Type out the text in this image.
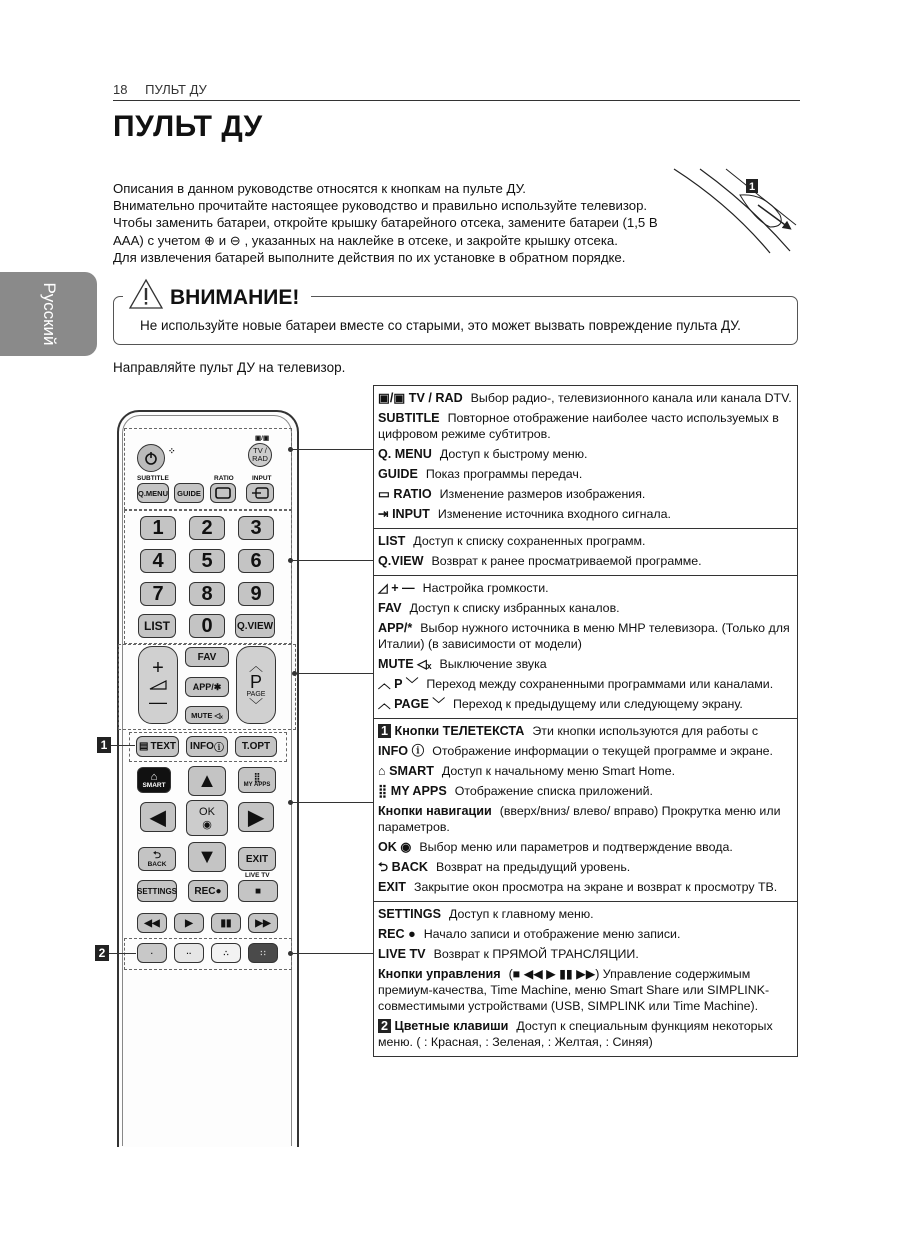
18 ПУЛЬТ ДУ
ПУЛЬТ ДУ
Описания в данном руководстве относятся к кнопкам на пульте ДУ.
Внимательно прочитайте настоящее руководство и правильно используйте телевизор.
Чтобы заменить батареи, откройте крышку батарейного отсека, замените батареи (1,5 В
ААА) с учетом ⊕ и ⊖ , указанных на наклейке в отсеке, и закройте крышку отсека.
Для извлечения батарей выполните действия по их установке в обратном порядке.
1
Русский	ВНИМАНИЕ!
Не используйте новые батареи вместе со старыми, это может вызвать повреждение пульта ДУ.
Направляйте пульт ДУ на телевизор.
⁘
▣/▣
TV / RAD
SUBTITLE	RATIO	INPUT
Q.MENU	GUIDE
1	2	3
4	5	6
7	8	9
LIST	0	Q.VIEW
+
—
FAV
APP/✱
MUTE ◁ₓ
︿
P
PAGE
﹀
1	▤ TEXT INFO ⓘ	T.OPT
⌂
SMART ▲	⣿
MY APPS
◀	OK
◉ ▶
⮌
BACK ▼	EXIT
LIVE TV
SETTINGS REC ●	■
◀◀	▶	▮▮ ▶▶
2	·	··	∴	∷
▣/▣ TV / RAD Выбор радио-, телевизионного канала или канала DTV.
SUBTITLE Повторное отображение наиболее часто используемых в цифровом режиме субтитров.
Q. MENU Доступ к быстрому меню.
GUIDE Показ программы передач.
▭ RATIO Изменение размеров изображения.
⇥ INPUT Изменение источника входного сигнала.
LIST Доступ к списку сохраненных программ.
Q.VIEW Возврат к ранее просматриваемой программе.
◿ + — Настройка громкости.
FAV Доступ к списку избранных каналов.
APP/* Выбор нужного источника в меню MHP телевизора. (Только для Италии) (в зависимости от модели)
MUTE ◁ₓ Выключение звука
︿ P ﹀ Переход между сохраненными программами или каналами.
︿ PAGE ﹀ Переход к предыдущему или следующему экрану.
1 Кнопки ТЕЛЕТЕКСТА Эти кнопки используются для работы с
INFO ⓘ Отображение информации о текущей программе и экране.
⌂ SMART Доступ к начальному меню Smart Home.
⣿ MY APPS Отображение списка приложений.
Кнопки навигации (вверх/вниз/ влево/ вправо) Прокрутка меню или параметров.
OK ◉ Выбор меню или параметров и подтверждение ввода.
⮌ BACK Возврат на предыдущий уровень.
EXIT Закрытие окон просмотра на экране и возврат к просмотру ТВ.
SETTINGS Доступ к главному меню.
REC ● Начало записи и отображение меню записи.
LIVE TV Возврат к ПРЯМОЙ ТРАНСЛЯЦИИ.
Кнопки управления (■ ◀◀ ▶ ▮▮ ▶▶) Управление содержимым премиум-качества, Time Machine, меню Smart Share или SIMPLINK-совместимыми устройствами (USB, SIMPLINK или Time Machine).
2 Цветные клавиши Доступ к специальным функциям некоторых меню. ( : Красная, : Зеленая, : Желтая, : Синяя)
